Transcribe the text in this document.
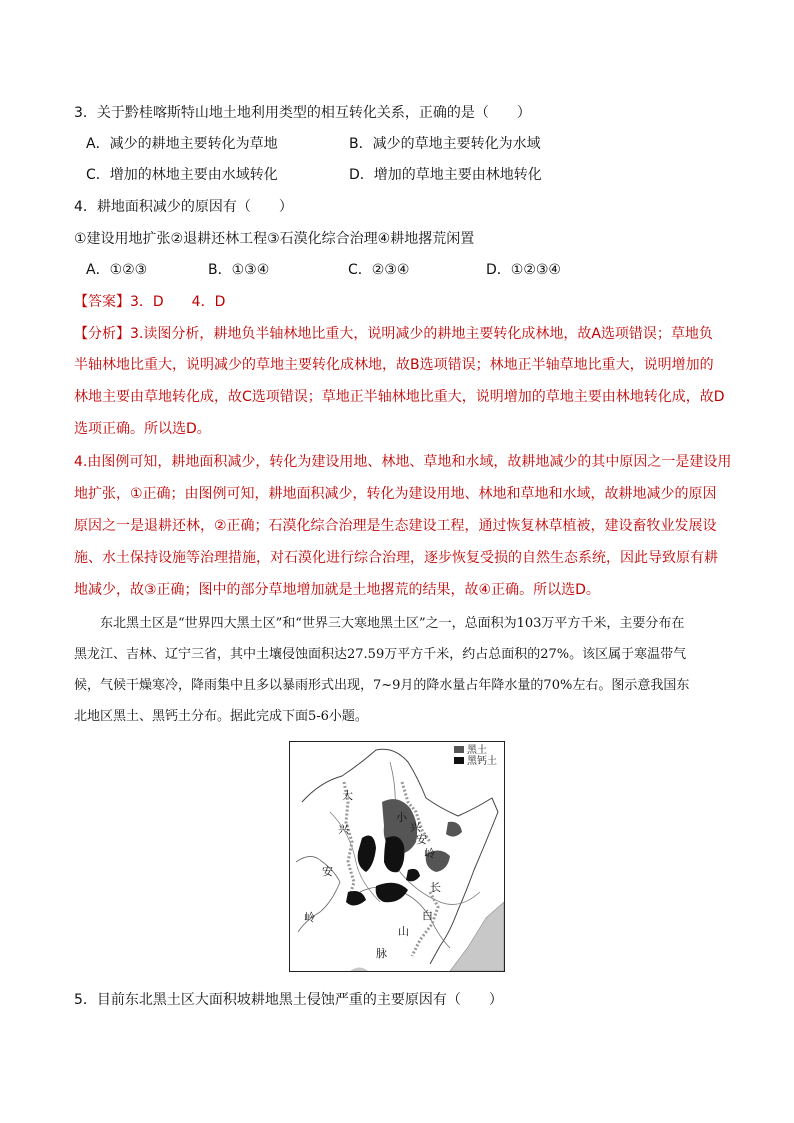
3．关于黔桂喀斯特山地土地利用类型的相互转化关系，正确的是（　　）
A．减少的耕地主要转化为草地	B．减少的草地主要转化为水域
C．增加的林地主要由水域转化	D．增加的草地主要由林地转化
4．耕地面积减少的原因有（　　）
①建设用地扩张②退耕还林工程③石漠化综合治理④耕地撂荒闲置
A．①②③	B．①③④	C．②③④	D．①②③④
【答案】3．D　　4．D
【分析】3.读图分析，耕地负半轴林地比重大，说明减少的耕地主要转化成林地，故A选项错误；草地负
半轴林地比重大，说明减少的草地主要转化成林地，故B选项错误；林地正半轴草地比重大，说明增加的
林地主要由草地转化成，故C选项错误；草地正半轴林地比重大，说明增加的草地主要由林地转化成，故D
选项正确。所以选D。
4.由图例可知，耕地面积减少，转化为建设用地、林地、草地和水域，故耕地减少的其中原因之一是建设用
地扩张，①正确；由图例可知，耕地面积减少，转化为建设用地、林地和草地和水域，故耕地减少的原因
原因之一是退耕还林，②正确；石漠化综合治理是生态建设工程，通过恢复林草植被，建设畜牧业发展设
施、水土保持设施等治理措施，对石漠化进行综合治理，逐步恢复受损的自然生态系统，因此导致原有耕
地减少，故③正确；图中的部分草地增加就是土地撂荒的结果，故④正确。所以选D。
东北黑土区是“世界四大黑土区”和“世界三大寒地黑土区”之一，总面积为103万平方千米，主要分布在
黑龙江、吉林、辽宁三省，其中土壤侵蚀面积达27.59万平方千米，约占总面积的27%。该区属于寒温带气
候，气候干燥寒冷，降雨集中且多以暴雨形式出现，7~9月的降水量占年降水量的70%左右。图示意我国东
北地区黑土、黑钙土分布。据此完成下面5-6小题。
黑土
黑钙土
大
兴
安
岭
小
兴
安
岭
长
白
山
脉
5．目前东北黑土区大面积坡耕地黑土侵蚀严重的主要原因有（　　）
